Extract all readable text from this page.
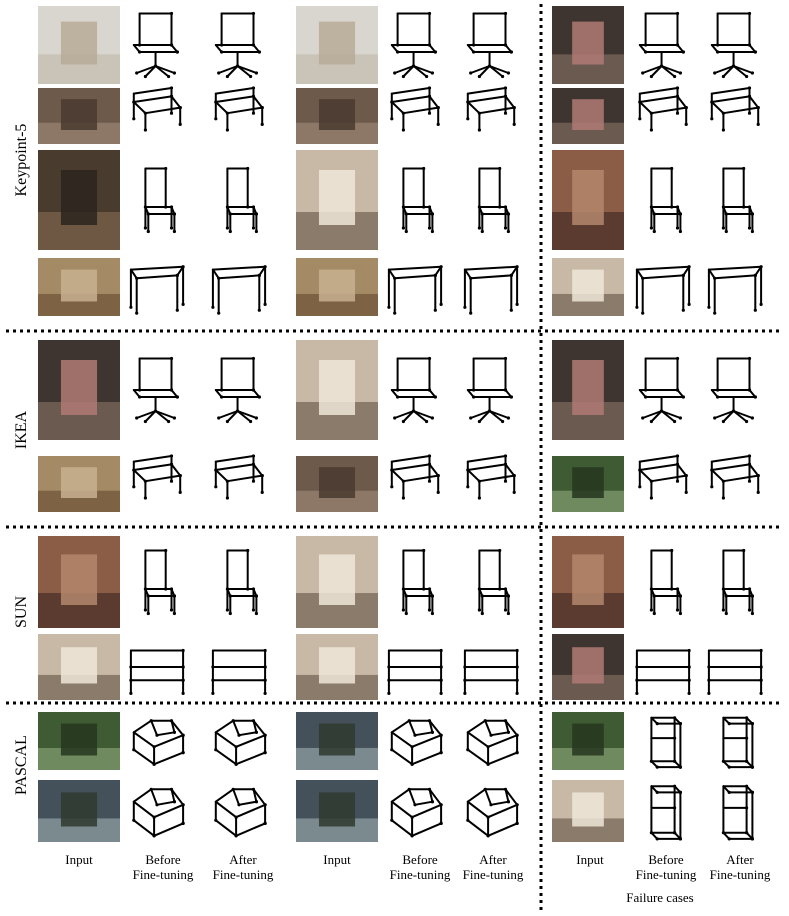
Keypoint-5
IKEA
SUN
PASCAL
Input	Before
Fine-tuning
After
Fine-tuning
Input	Before
Fine-tuning
After
Fine-tuning
Input	Before
Fine-tuning
After
Fine-tuning
Failure cases
